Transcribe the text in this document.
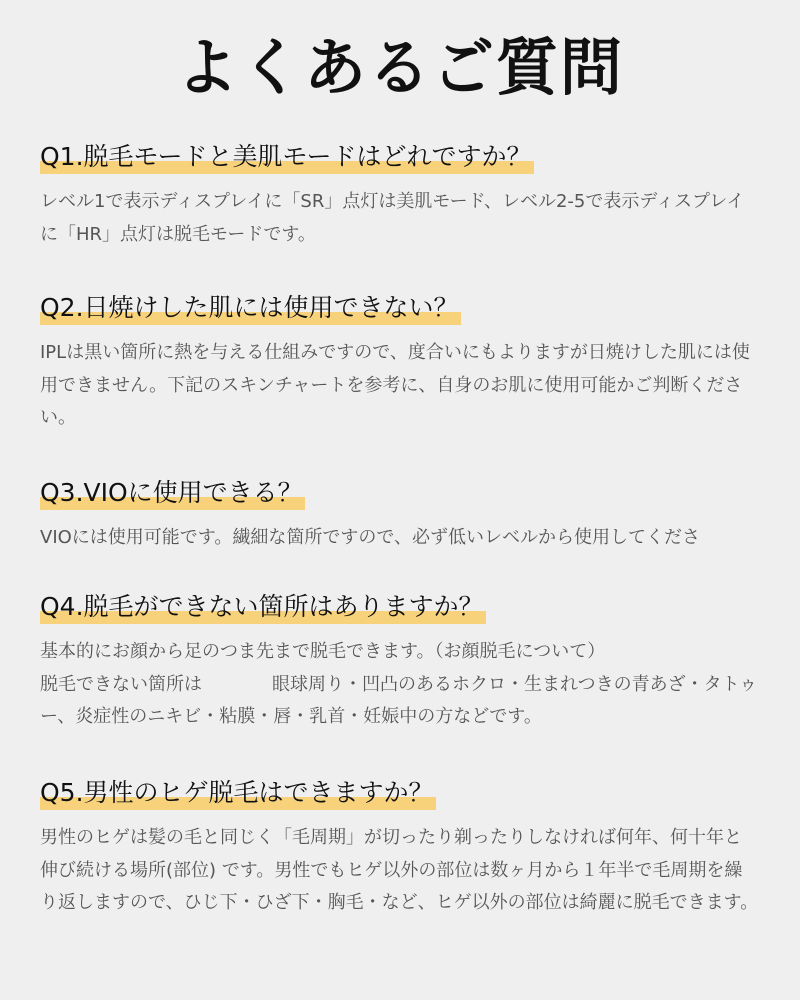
よくあるご質問
Q1.脱毛モードと美肌モードはどれですか？
レベル1で表示ディスプレイに「SR」点灯は美肌モード、レベル2-5で表示ディスプレイに「HR」点灯は脱毛モードです。
Q2.日焼けした肌には使用できない？
IPLは黒い箇所に熱を与える仕組みですので、度合いにもよりますが日焼けした肌には使用できません。下記のスキンチャートを参考に、自身のお肌に使用可能かご判断ください。
Q3.VIOに使用できる？
VIOには使用可能です。繊細な箇所ですので、必ず低いレベルから使用してくださ
Q4.脱毛ができない箇所はありますか？

基本的にお顔から足のつま先まで脱毛できます。（お顔脱毛について）

脱毛できない箇所は	眼球周り・凹凸のあるホクロ・生まれつきの青あざ・タトゥー、炎症性のニキビ・粘膜・唇・乳首・妊娠中の方などです。

Q5.男性のヒゲ脱毛はできますか？
男性のヒゲは髪の毛と同じく「毛周期」が切ったり剃ったりしなければ何年、何十年と 伸び続ける場所(部位) です。男性でもヒゲ以外の部位は数ヶ月から１年半で毛周期を繰り返しますので、ひじ下・ひざ下・胸毛・など、ヒゲ以外の部位は綺麗に脱毛できます。
